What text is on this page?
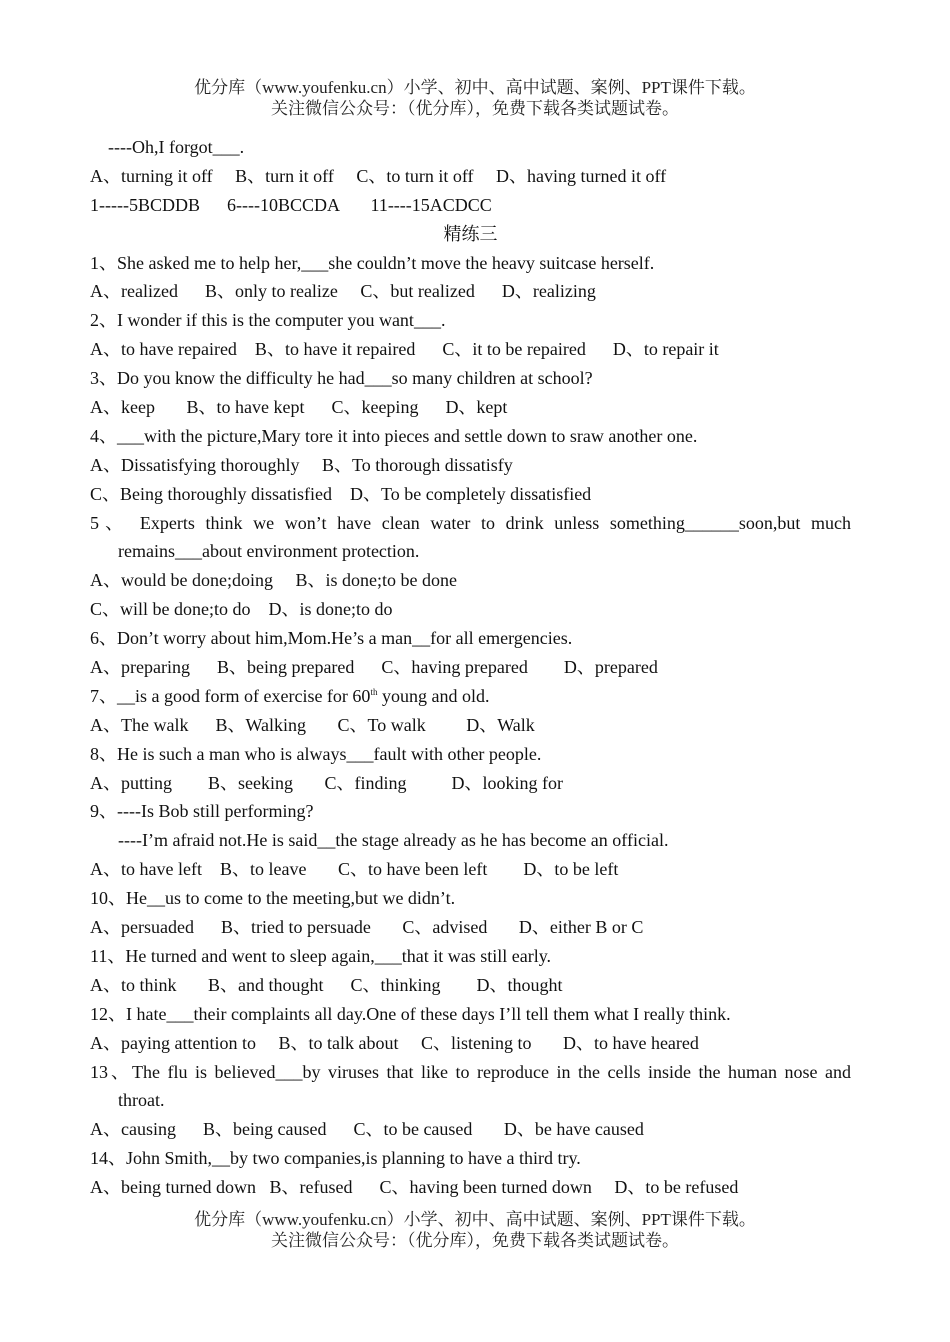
优分库（www.youfenku.cn）小学、初中、高中试题、案例、PPT课件下载。
关注微信公众号：（优分库），免费下载各类试题试卷。
----Oh,I forgot___.
A、turning it off     B、turn it off     C、to turn it off     D、having turned it off
1-----5BCDDB      6----10BCCDA       11----15ACDCC
精练三
1、She asked me to help her,___she couldn’t move the heavy suitcase herself.
A、realized      B、only to realize     C、but realized      D、realizing
2、I wonder if this is the computer you want___.
A、to have repaired    B、to have it repaired      C、it to be repaired      D、to repair it
3、Do you know the difficulty he had___so many children at school?
A、keep       B、to have kept      C、keeping      D、kept
4、___with the picture,Mary tore it into pieces and settle down to sraw another one.
A、Dissatisfying thoroughly     B、To thorough dissatisfy
C、Being thoroughly dissatisfied    D、To be completely dissatisfied
5、 Experts think we won’t have clean water to drink unless something______soon,but much
remains___about environment protection.
A、would be done;doing     B、is done;to be done
C、will be done;to do    D、is done;to do
6、Don’t worry about him,Mom.He’s a man__for all emergencies.
A、preparing      B、being prepared      C、having prepared        D、prepared
7、__is a good form of exercise for 60th young and old.
A、The walk      B、Walking       C、To walk         D、Walk
8、He is such a man who is always___fault with other people.
A、putting        B、seeking       C、finding          D、looking for
9、----Is Bob still performing?
----I’m afraid not.He is said__the stage already as he has become an official.
A、to have left    B、to leave       C、to have been left        D、to be left
10、He__us to come to the meeting,but we didn’t.
A、persuaded      B、tried to persuade       C、advised       D、either B or C
11、He turned and went to sleep again,___that it was still early.
A、to think       B、and thought      C、thinking        D、thought
12、I hate___their complaints all day.One of these days I’ll tell them what I really think.
A、paying attention to     B、to talk about     C、listening to       D、to have heared
13、The flu is believed___by viruses that like to reproduce in the cells inside the human nose and
throat.
A、causing      B、being caused      C、to be caused       D、be have caused
14、John Smith,__by two companies,is planning to have a third try.
A、being turned down   B、refused      C、having been turned down     D、to be refused
优分库（www.youfenku.cn）小学、初中、高中试题、案例、PPT课件下载。
关注微信公众号：（优分库），免费下载各类试题试卷。
